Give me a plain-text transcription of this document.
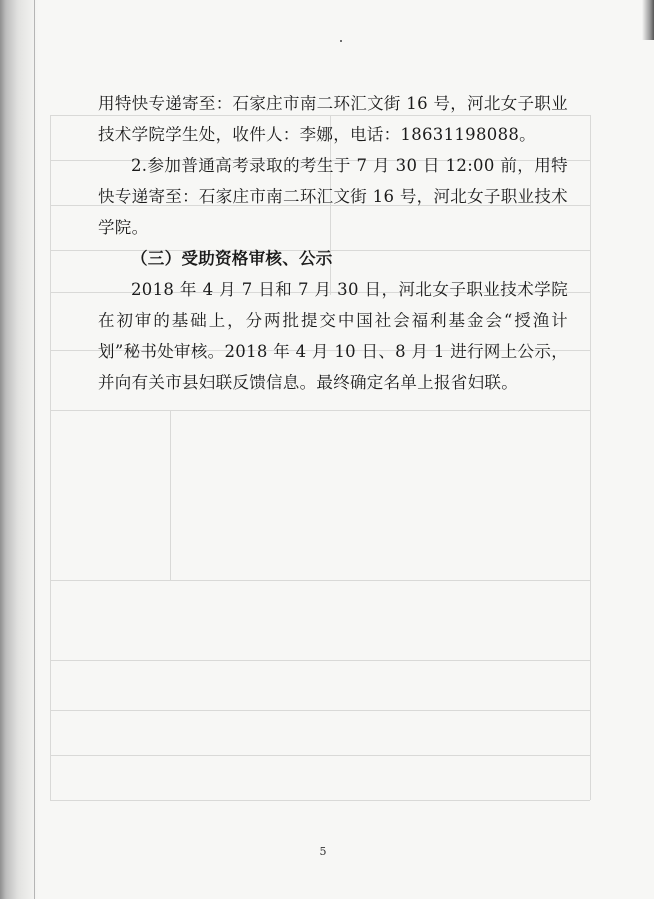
用特快专递寄至：石家庄市南二环汇文街 16 号，河北女子职业技术学院学生处，收件人：李娜，电话：18631198088。

2.参加普通高考录取的考生于 7 月 30 日 12:00 前，用特快专递寄至：石家庄市南二环汇文街 16 号，河北女子职业技术学院。

（三）受助资格审核、公示

2018 年 4 月 7 日和 7 月 30 日，河北女子职业技术学院在初审的基础上，分两批提交中国社会福利基金会“授渔计划”秘书处审核。2018 年 4 月 10 日、8 月 1 进行网上公示，并向有关市县妇联反馈信息。最终确定名单上报省妇联。

5
